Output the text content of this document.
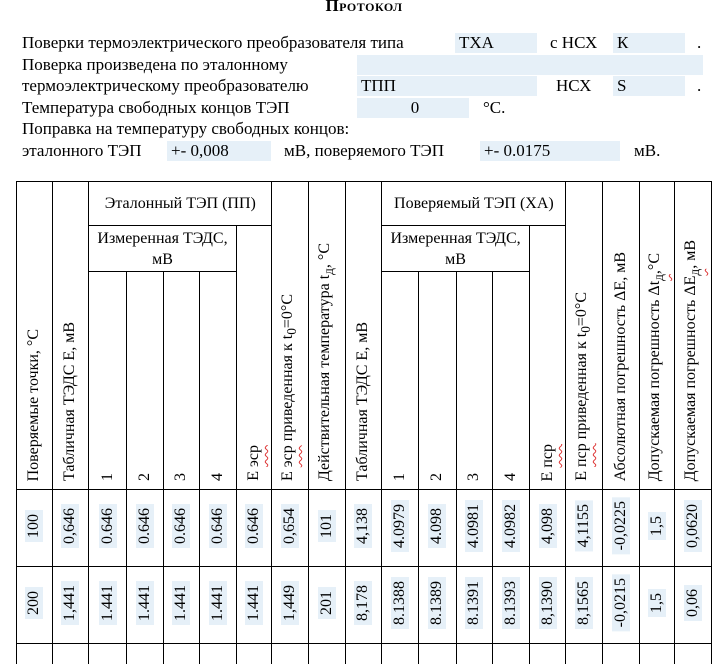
Протокол
Поверки термоэлектрического преобразователя типа	ТХА	с НСХ К	.
Поверка произведена по эталонному
термоэлектрическому преобразователю	ТПП	НСХ S	.
Температура свободных концов ТЭП	0	°С.
Поправка на температуру свободных концов:
эталонного ТЭП +- 0,008	мВ, поверяемого ТЭП +- 0.0175	мВ.
Поверяемые точки, °С	Табличная ТЭДС Е, мВ	Эталонный ТЭП (ПП)					Е эср приведенная к $t_0=0^\circ С$	Действительная температура $t_д$, °С	Табличная ТЭДС Е, мВ	Поверяемый ТЭП (ХА)					Е пср приведенная к $t_0=0^\circ С$	Абсолютная погрешность ΔЕ, мВ	Допускаемая погрешность $\Delta t_д,^\circ С$	Допускаемая погрешность $\Delta Е_д$, мВ

		Измеренная ТЭДС, мВ				Е эср				Измеренная ТЭДС, мВ				Е пср				

		1	2	3	4					1	2	3	4					

100	0,646	0.646	0.646	0.646	0.646	0.646	0,654	101	4,138	4.0979	4.098	4.0981	4.0982	4,098	4,1155	-0,0225	1,5	0,0620
200	1,441	1.441	1.441	1.441	1.441	1.441	1,449	201	8,178	8.1388	8.1389	8.1391	8.1393	8,1390	8,1565	-0,0215	1,5	0,06
